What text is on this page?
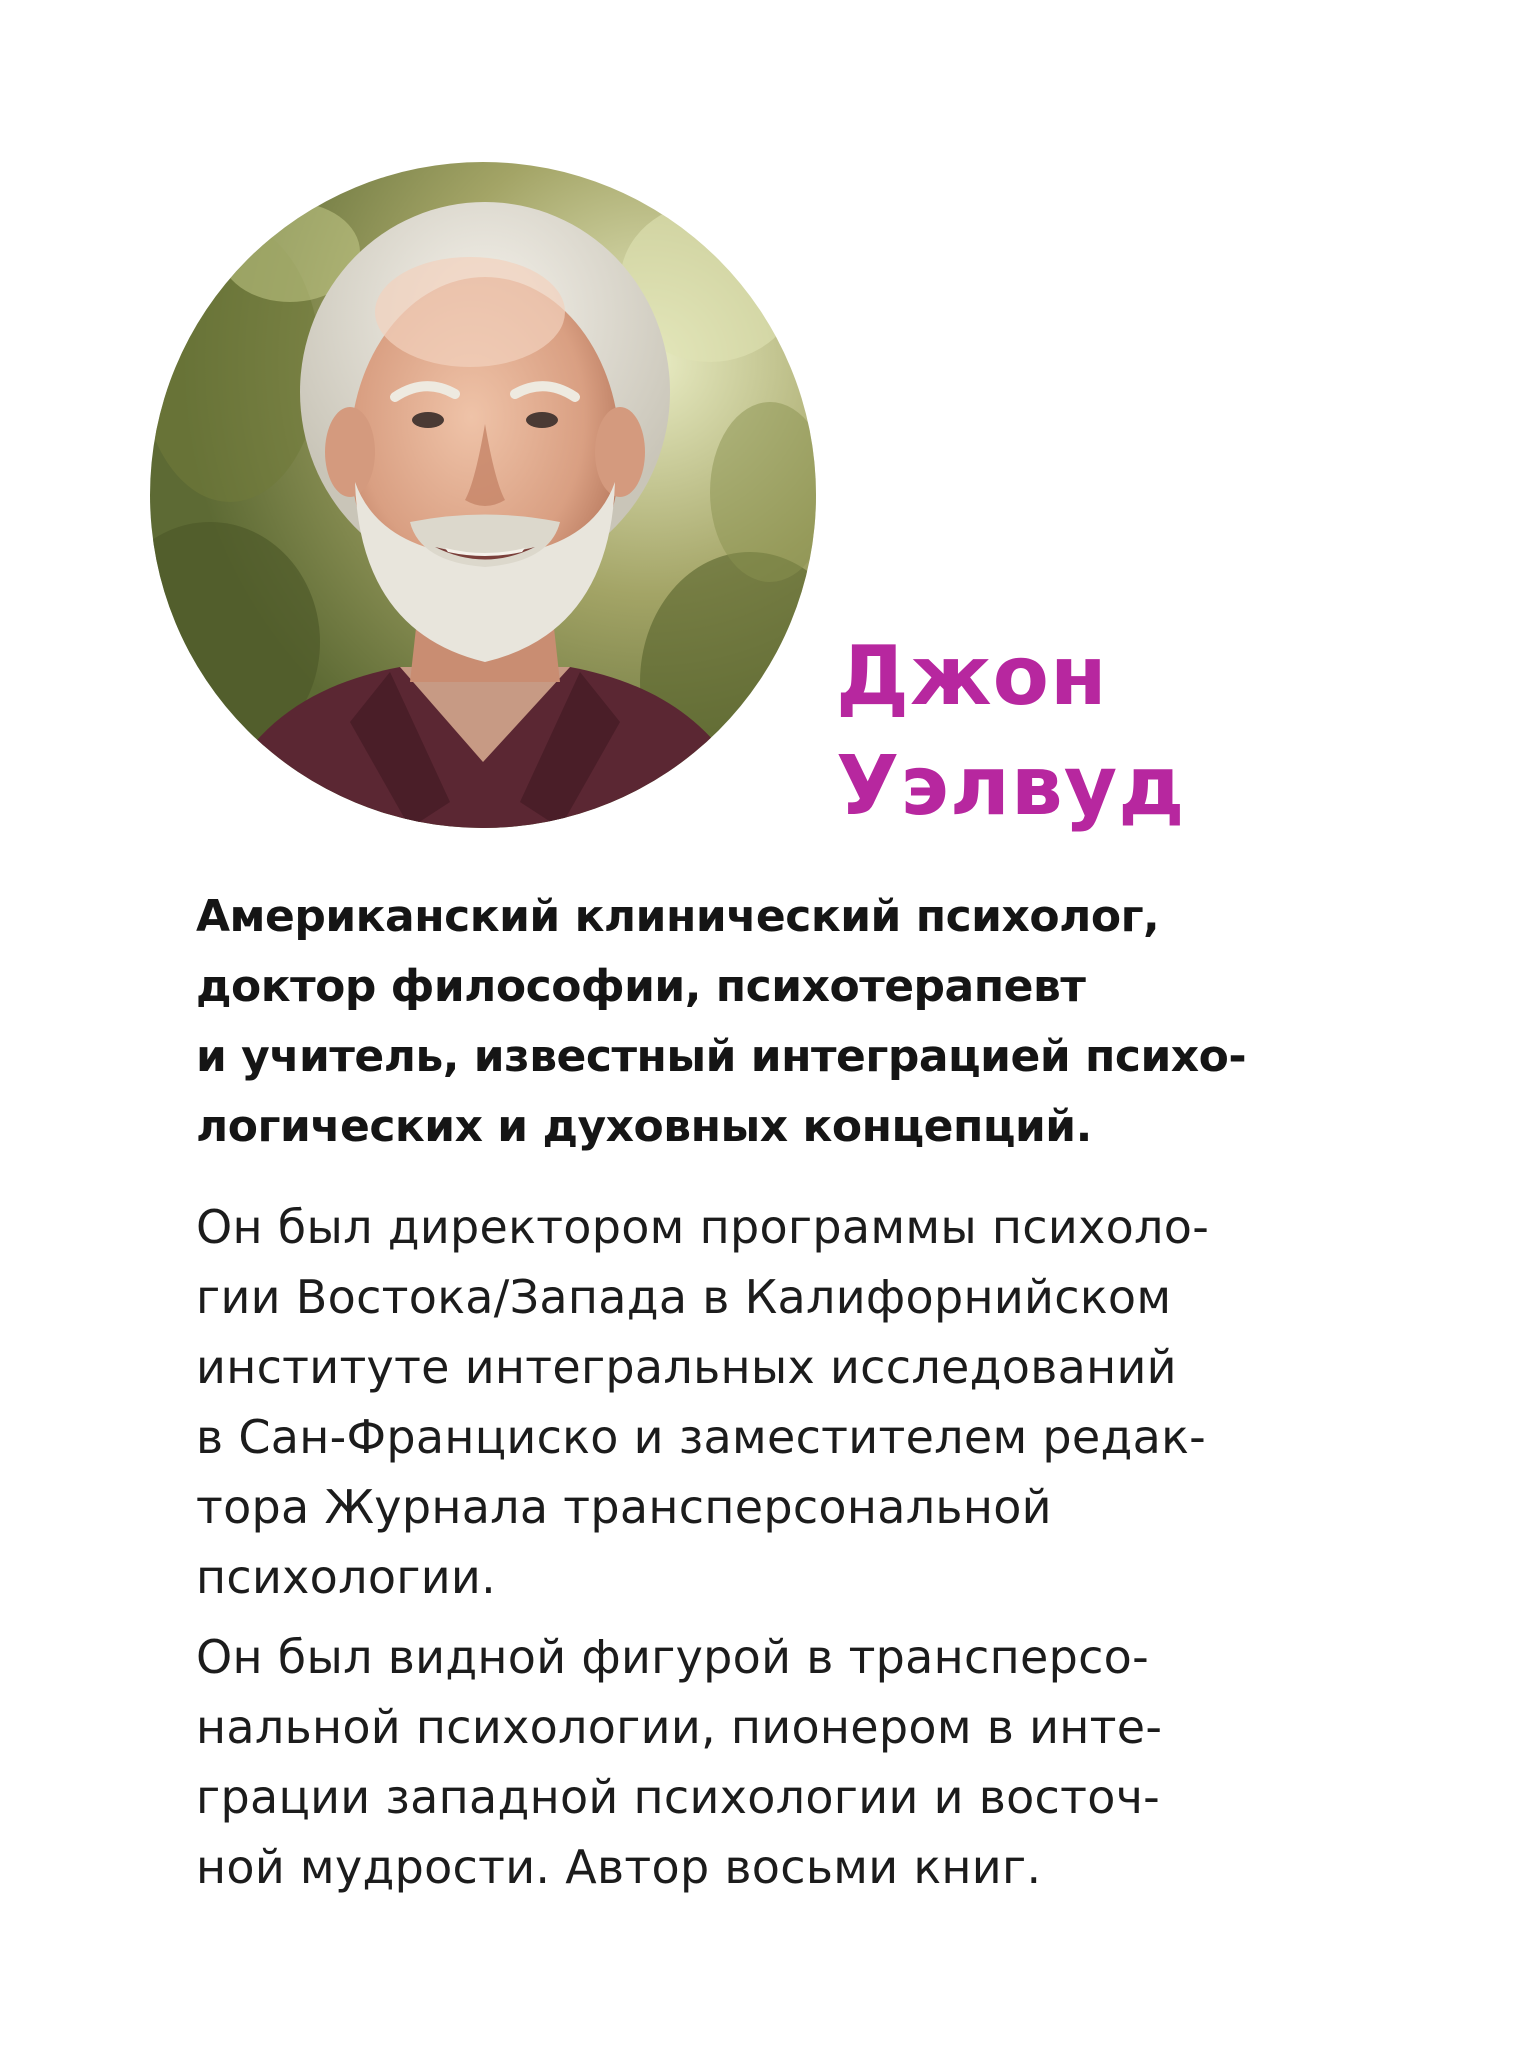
Джон
Уэлвуд

Американский клинический психолог,
доктор философии, психотерапевт
и учитель, известный интеграцией психо-
логических и духовных концепций.

Он был директором программы психоло-
гии Востока/Запада в Калифорнийском
институте интегральных исследований
в Сан-Франциско и заместителем редак-
тора Журнала трансперсональной
психологии.

Он был видной фигурой в трансперсо-
нальной психологии, пионером в инте-
грации западной психологии и восточ-
ной мудрости. Автор восьми книг.
